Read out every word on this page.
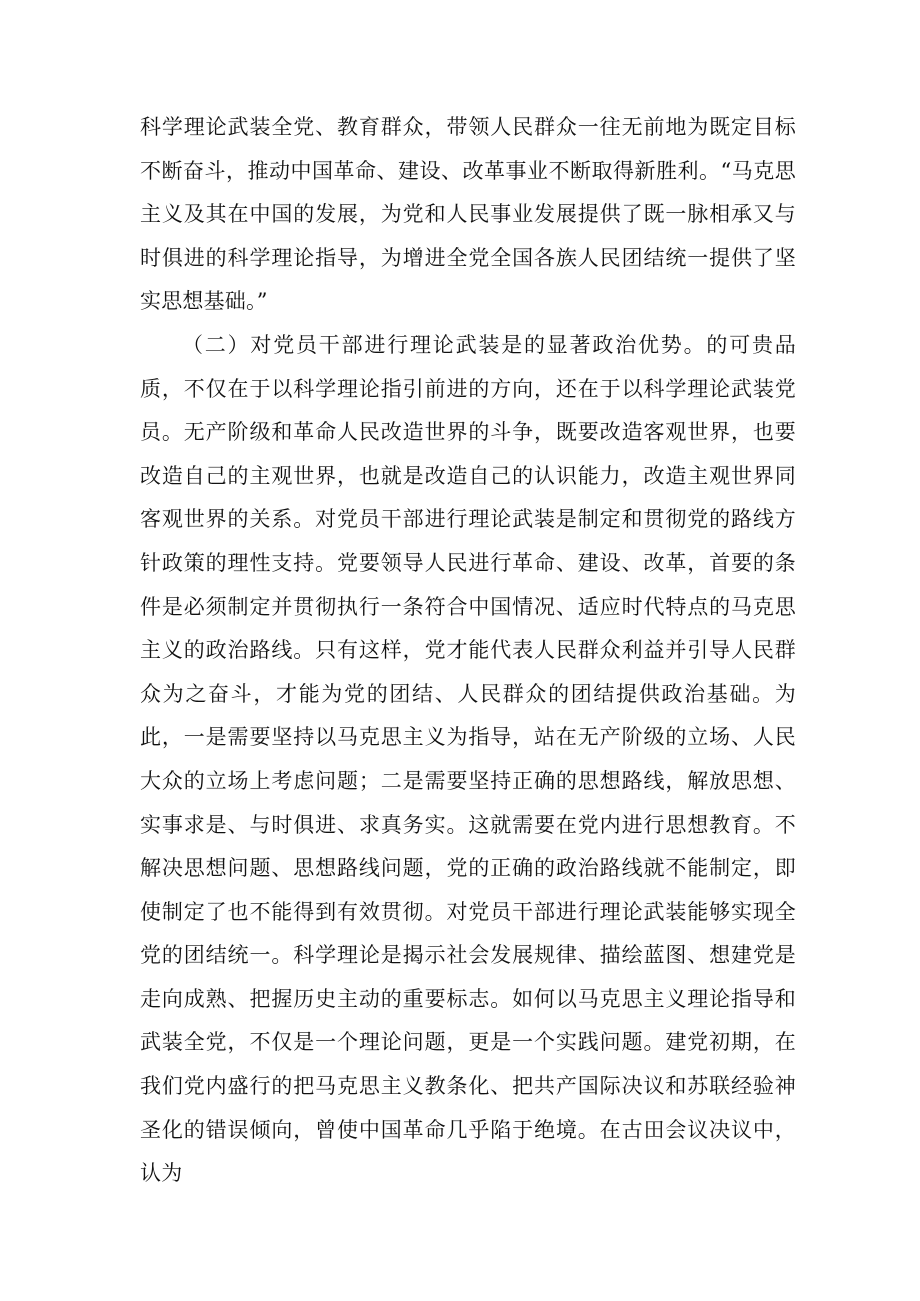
科学理论武装全党、教育群众，带领人民群众一往无前地为既定目标不断奋斗，推动中国革命、建设、改革事业不断取得新胜利。“马克思主义及其在中国的发展，为党和人民事业发展提供了既一脉相承又与时俱进的科学理论指导，为增进全党全国各族人民团结统一提供了坚实思想基础。”

（二）对党员干部进行理论武装是的显著政治优势。的可贵品质，不仅在于以科学理论指引前进的方向，还在于以科学理论武装党员。无产阶级和革命人民改造世界的斗争，既要改造客观世界，也要改造自己的主观世界，也就是改造自己的认识能力，改造主观世界同客观世界的关系。对党员干部进行理论武装是制定和贯彻党的路线方针政策的理性支持。党要领导人民进行革命、建设、改革，首要的条件是必须制定并贯彻执行一条符合中国情况、适应时代特点的马克思主义的政治路线。只有这样，党才能代表人民群众利益并引导人民群众为之奋斗，才能为党的团结、人民群众的团结提供政治基础。为此，一是需要坚持以马克思主义为指导，站在无产阶级的立场、人民大众的立场上考虑问题；二是需要坚持正确的思想路线，解放思想、实事求是、与时俱进、求真务实。这就需要在党内进行思想教育。不解决思想问题、思想路线问题，党的正确的政治路线就不能制定，即使制定了也不能得到有效贯彻。对党员干部进行理论武装能够实现全党的团结统一。科学理论是揭示社会发展规律、描绘蓝图、想建党是走向成熟、把握历史主动的重要标志。如何以马克思主义理论指导和武装全党，不仅是一个理论问题，更是一个实践问题。建党初期，在我们党内盛行的把马克思主义教条化、把共产国际决议和苏联经验神圣化的错误倾向，曾使中国革命几乎陷于绝境。在古田会议决议中，认为
